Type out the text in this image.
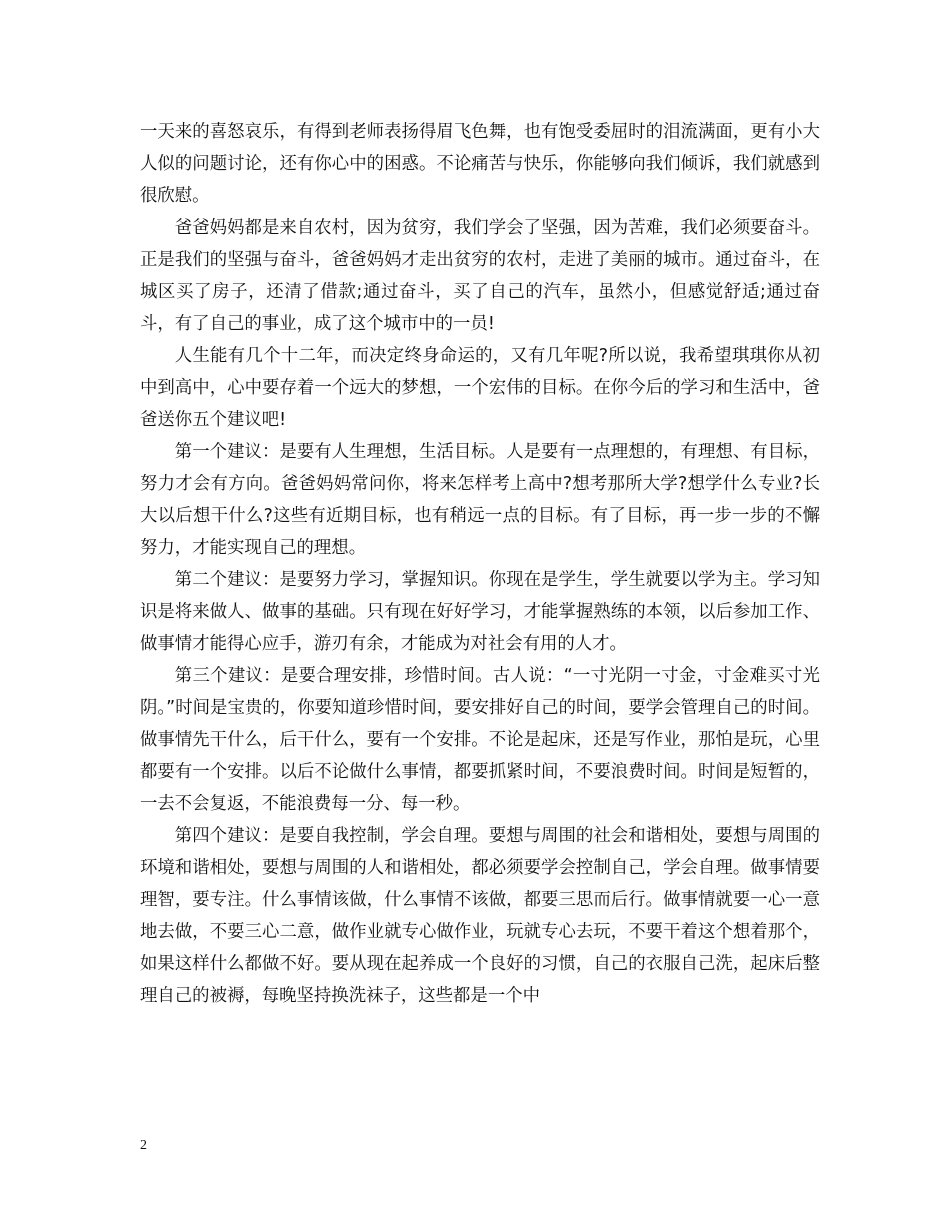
一天来的喜怒哀乐，有得到老师表扬得眉飞色舞，也有饱受委屈时的泪流满面，更有小大人似的问题讨论，还有你心中的困惑。不论痛苦与快乐，你能够向我们倾诉，我们就感到很欣慰。

爸爸妈妈都是来自农村，因为贫穷，我们学会了坚强，因为苦难，我们必须要奋斗。正是我们的坚强与奋斗，爸爸妈妈才走出贫穷的农村，走进了美丽的城市。通过奋斗，在城区买了房子，还清了借款;通过奋斗，买了自己的汽车，虽然小，但感觉舒适;通过奋斗，有了自己的事业，成了这个城市中的一员!

人生能有几个十二年，而决定终身命运的，又有几年呢?所以说，我希望琪琪你从初中到高中，心中要存着一个远大的梦想，一个宏伟的目标。在你今后的学习和生活中，爸爸送你五个建议吧!

第一个建议：是要有人生理想，生活目标。人是要有一点理想的，有理想、有目标，努力才会有方向。爸爸妈妈常问你，将来怎样考上高中?想考那所大学?想学什么专业?长大以后想干什么?这些有近期目标，也有稍远一点的目标。有了目标，再一步一步的不懈努力，才能实现自己的理想。

第二个建议：是要努力学习，掌握知识。你现在是学生，学生就要以学为主。学习知识是将来做人、做事的基础。只有现在好好学习，才能掌握熟练的本领，以后参加工作、做事情才能得心应手，游刃有余，才能成为对社会有用的人才。

第三个建议：是要合理安排，珍惜时间。古人说：“一寸光阴一寸金，寸金难买寸光阴。”时间是宝贵的，你要知道珍惜时间，要安排好自己的时间，要学会管理自己的时间。做事情先干什么，后干什么，要有一个安排。不论是起床，还是写作业，那怕是玩，心里都要有一个安排。以后不论做什么事情，都要抓紧时间，不要浪费时间。时间是短暂的，一去不会复返，不能浪费每一分、每一秒。

第四个建议：是要自我控制，学会自理。要想与周围的社会和谐相处，要想与周围的环境和谐相处，要想与周围的人和谐相处，都必须要学会控制自己，学会自理。做事情要理智，要专注。什么事情该做，什么事情不该做，都要三思而后行。做事情就要一心一意地去做，不要三心二意，做作业就专心做作业，玩就专心去玩，不要干着这个想着那个，如果这样什么都做不好。要从现在起养成一个良好的习惯，自己的衣服自己洗，起床后整理自己的被褥，每晚坚持换洗袜子，这些都是一个中

2
